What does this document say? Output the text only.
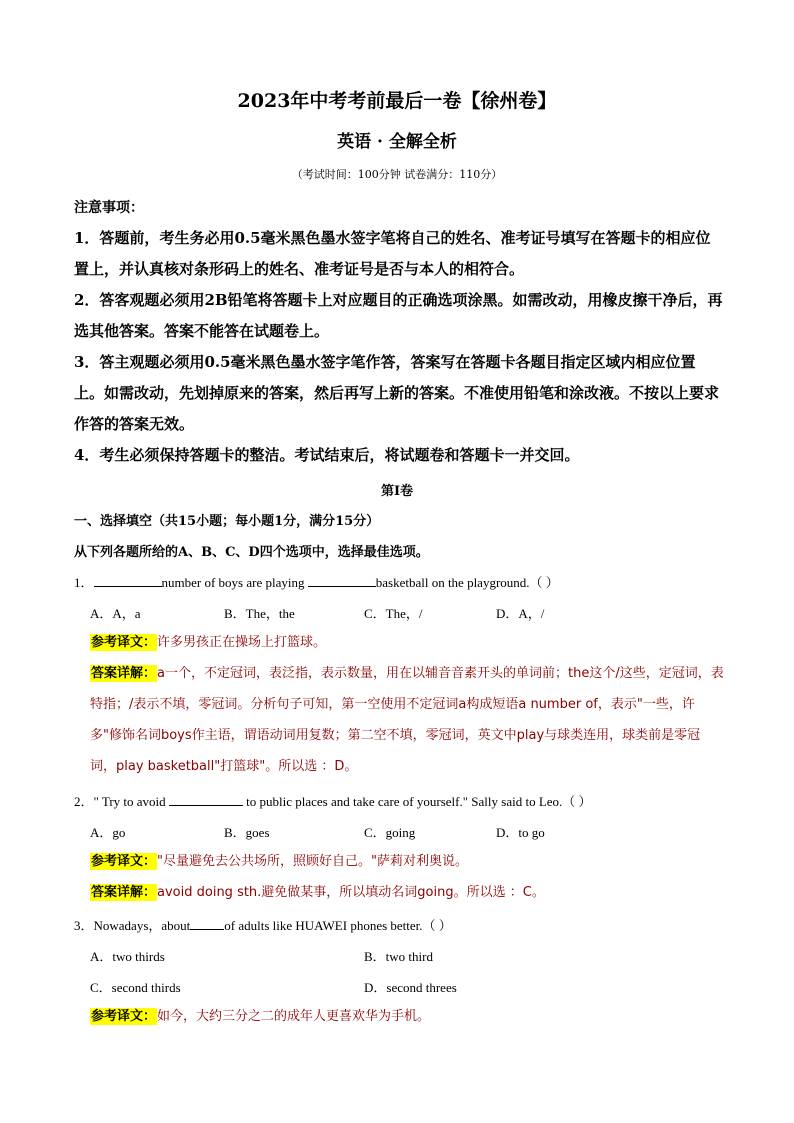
2023年中考考前最后一卷【徐州卷】
英语 · 全解全析
（考试时间：100分钟 试卷满分：110分）
注意事项：
1．答题前，考生务必用0.5毫米黑色墨水签字笔将自己的姓名、准考证号填写在答题卡的相应位置上，并认真核对条形码上的姓名、准考证号是否与本人的相符合。
2．答客观题必须用2B铅笔将答题卡上对应题目的正确选项涂黑。如需改动，用橡皮擦干净后，再选其他答案。答案不能答在试题卷上。
3．答主观题必须用0.5毫米黑色墨水签字笔作答，答案写在答题卡各题目指定区域内相应位置上。如需改动，先划掉原来的答案，然后再写上新的答案。不准使用铅笔和涂改液。不按以上要求作答的答案无效。
4．考生必须保持答题卡的整洁。考试结束后，将试题卷和答题卡一并交回。
第Ⅰ卷
一、选择填空（共15小题；每小题1分，满分15分）
从下列各题所给的A、B、C、D四个选项中，选择最佳选项。
1．	number of boys are playing	basketball on the playground.（ ）
A．A，a	B．The，the	C．The，/	D．A，/
参考译文：许多男孩正在操场上打篮球。
答案详解：a一个，不定冠词，表泛指，表示数量，用在以辅音音素开头的单词前；the这个/这些，定冠词，表特指；/表示不填，零冠词。分析句子可知，第一空使用不定冠词a构成短语a number of，表示"一些，许多"修饰名词boys作主语，谓语动词用复数；第二空不填，零冠词，英文中play与球类连用，球类前是零冠词，play basketball"打篮球"。所以选 ：D。
2．" Try to avoid	to public places and take care of yourself." Sally said to Leo.（ ）
A．go	B．goes	C．going	D．to go
参考译文："尽量避免去公共场所，照顾好自己。"萨莉对利奥说。
答案详解：avoid doing sth.避免做某事，所以填动名词going。所以选 ：C。
3．Nowadays，about	of adults like HUAWEI phones better.（ ）
A．two thirds	B．two third
C．second thirds	D．second threes
参考译文：如今，大约三分之二的成年人更喜欢华为手机。
